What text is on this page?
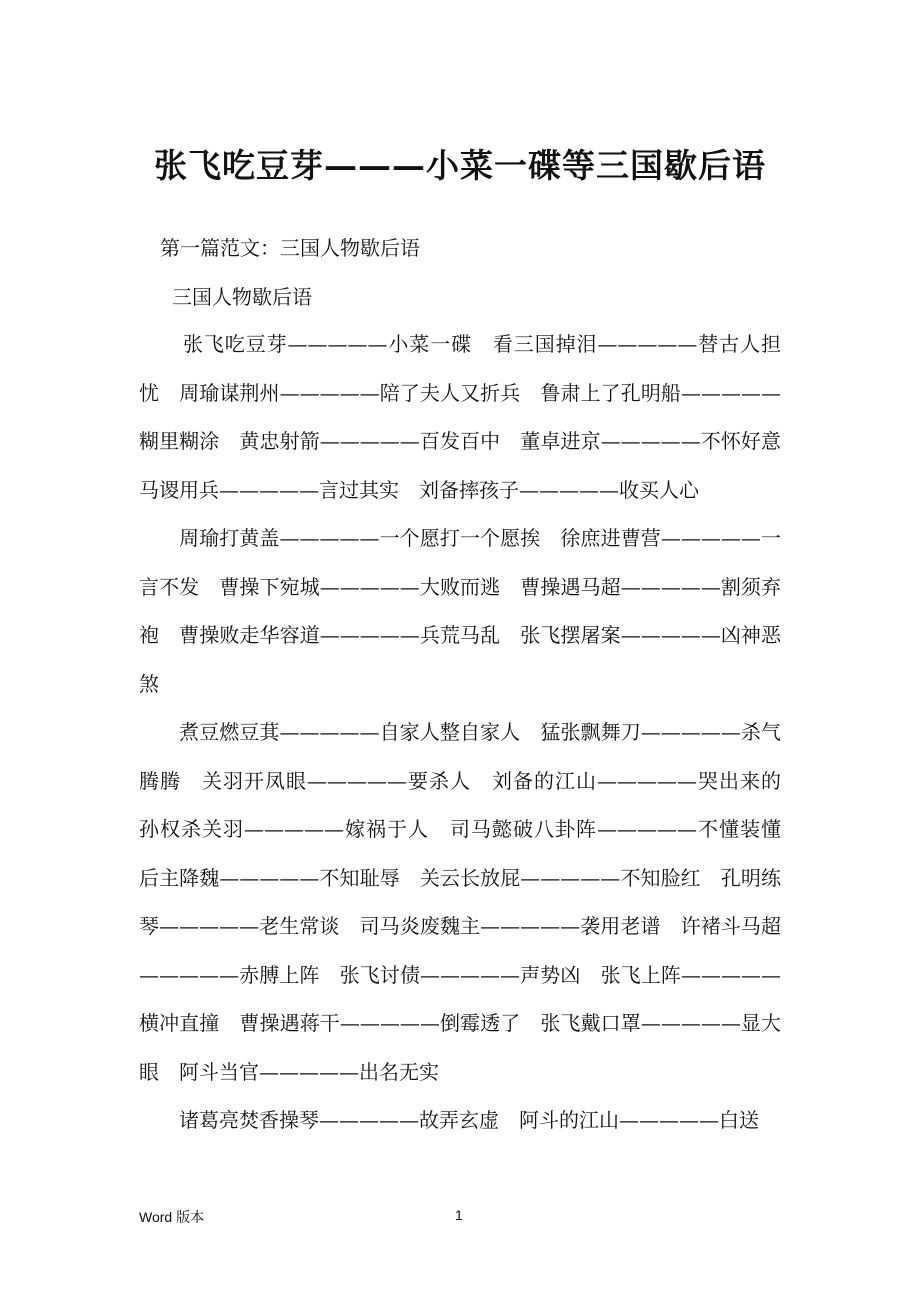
张飞吃豆芽———小菜一碟等三国歇后语
第一篇范文：三国人物歇后语
三国人物歇后语

张飞吃豆芽—————小菜一碟　看三国掉泪—————替古人担忧　周瑜谋荆州—————陪了夫人又折兵　鲁肃上了孔明船—————糊里糊涂　黄忠射箭—————百发百中　董卓进京—————不怀好意　马谡用兵—————言过其实　刘备摔孩子—————收买人心

周瑜打黄盖—————一个愿打一个愿挨　徐庶进曹营—————一言不发　曹操下宛城—————大败而逃　曹操遇马超—————割须弃袍　曹操败走华容道—————兵荒马乱　张飞摆屠案—————凶神恶煞

煮豆燃豆萁—————自家人整自家人　猛张飘舞刀—————杀气腾腾　关羽开凤眼—————要杀人　刘备的江山—————哭出来的　孙权杀关羽—————嫁祸于人　司马懿破八卦阵—————不懂装懂　后主降魏—————不知耻辱　关云长放屁—————不知脸红　孔明练琴—————老生常谈　司马炎废魏主—————袭用老谱　许褚斗马超—————赤膊上阵　张飞讨债—————声势凶　张飞上阵—————横冲直撞　曹操遇蒋干—————倒霉透了　张飞戴口罩—————显大眼　阿斗当官—————出名无实

诸葛亮焚香操琴—————故弄玄虚　阿斗的江山—————白送

Word 版本	1
